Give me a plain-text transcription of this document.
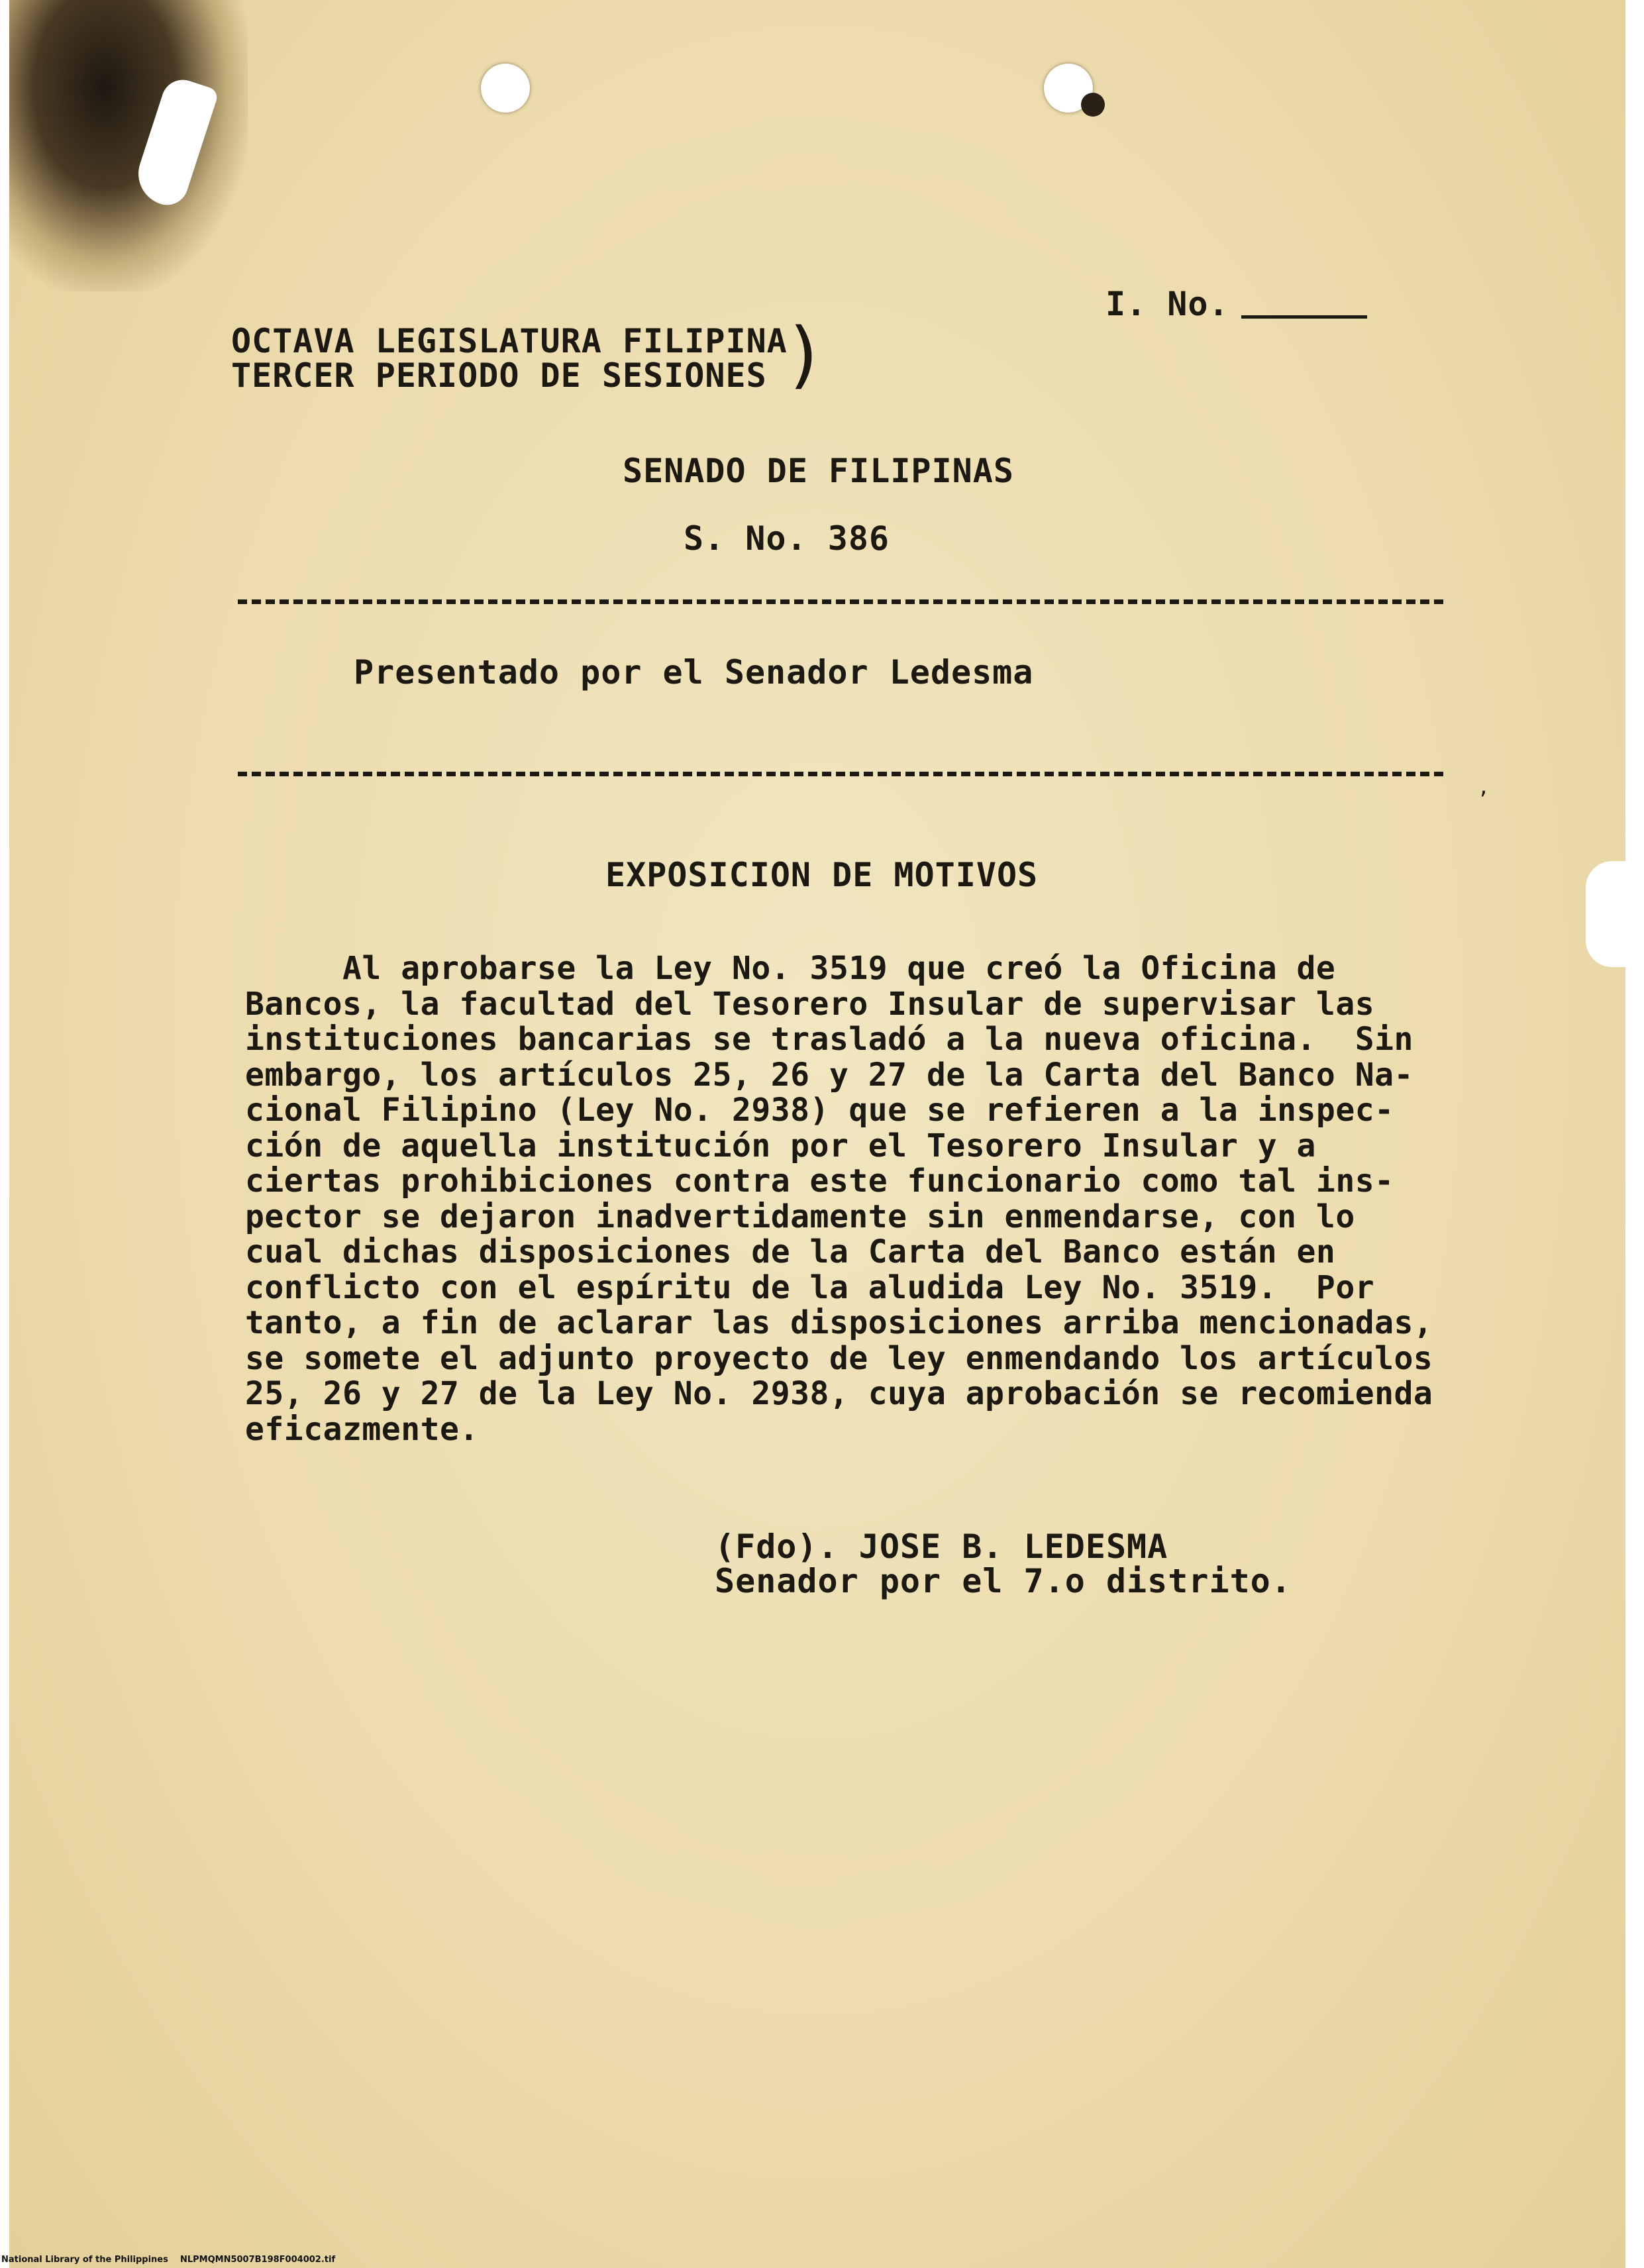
I. No.
OCTAVA LEGISLATURA FILIPINA
TERCER PERIODO DE SESIONES )
SENADO DE FILIPINAS
S. No. 386
Presentado por el Senador Ledesma
ʼ
EXPOSICION DE MOTIVOS
Al aprobarse la Ley No. 3519 que creó la Oficina de
Bancos, la facultad del Tesorero Insular de supervisar las
instituciones bancarias se trasladó a la nueva oficina.  Sin
embargo, los artículos 25, 26 y 27 de la Carta del Banco Na-
cional Filipino (Ley No. 2938) que se refieren a la inspec-
ción de aquella institución por el Tesorero Insular y a
ciertas prohibiciones contra este funcionario como tal ins-
pector se dejaron inadvertidamente sin enmendarse, con lo
cual dichas disposiciones de la Carta del Banco están en
conflicto con el espíritu de la aludida Ley No. 3519.  Por
tanto, a fin de aclarar las disposiciones arriba mencionadas,
se somete el adjunto proyecto de ley enmendando los artículos
25, 26 y 27 de la Ley No. 2938, cuya aprobación se recomienda
eficazmente.
(Fdo). JOSE B. LEDESMA
Senador por el 7.o distrito.
National Library of the Philippines    NLPMQMN5007B198F004002.tif
